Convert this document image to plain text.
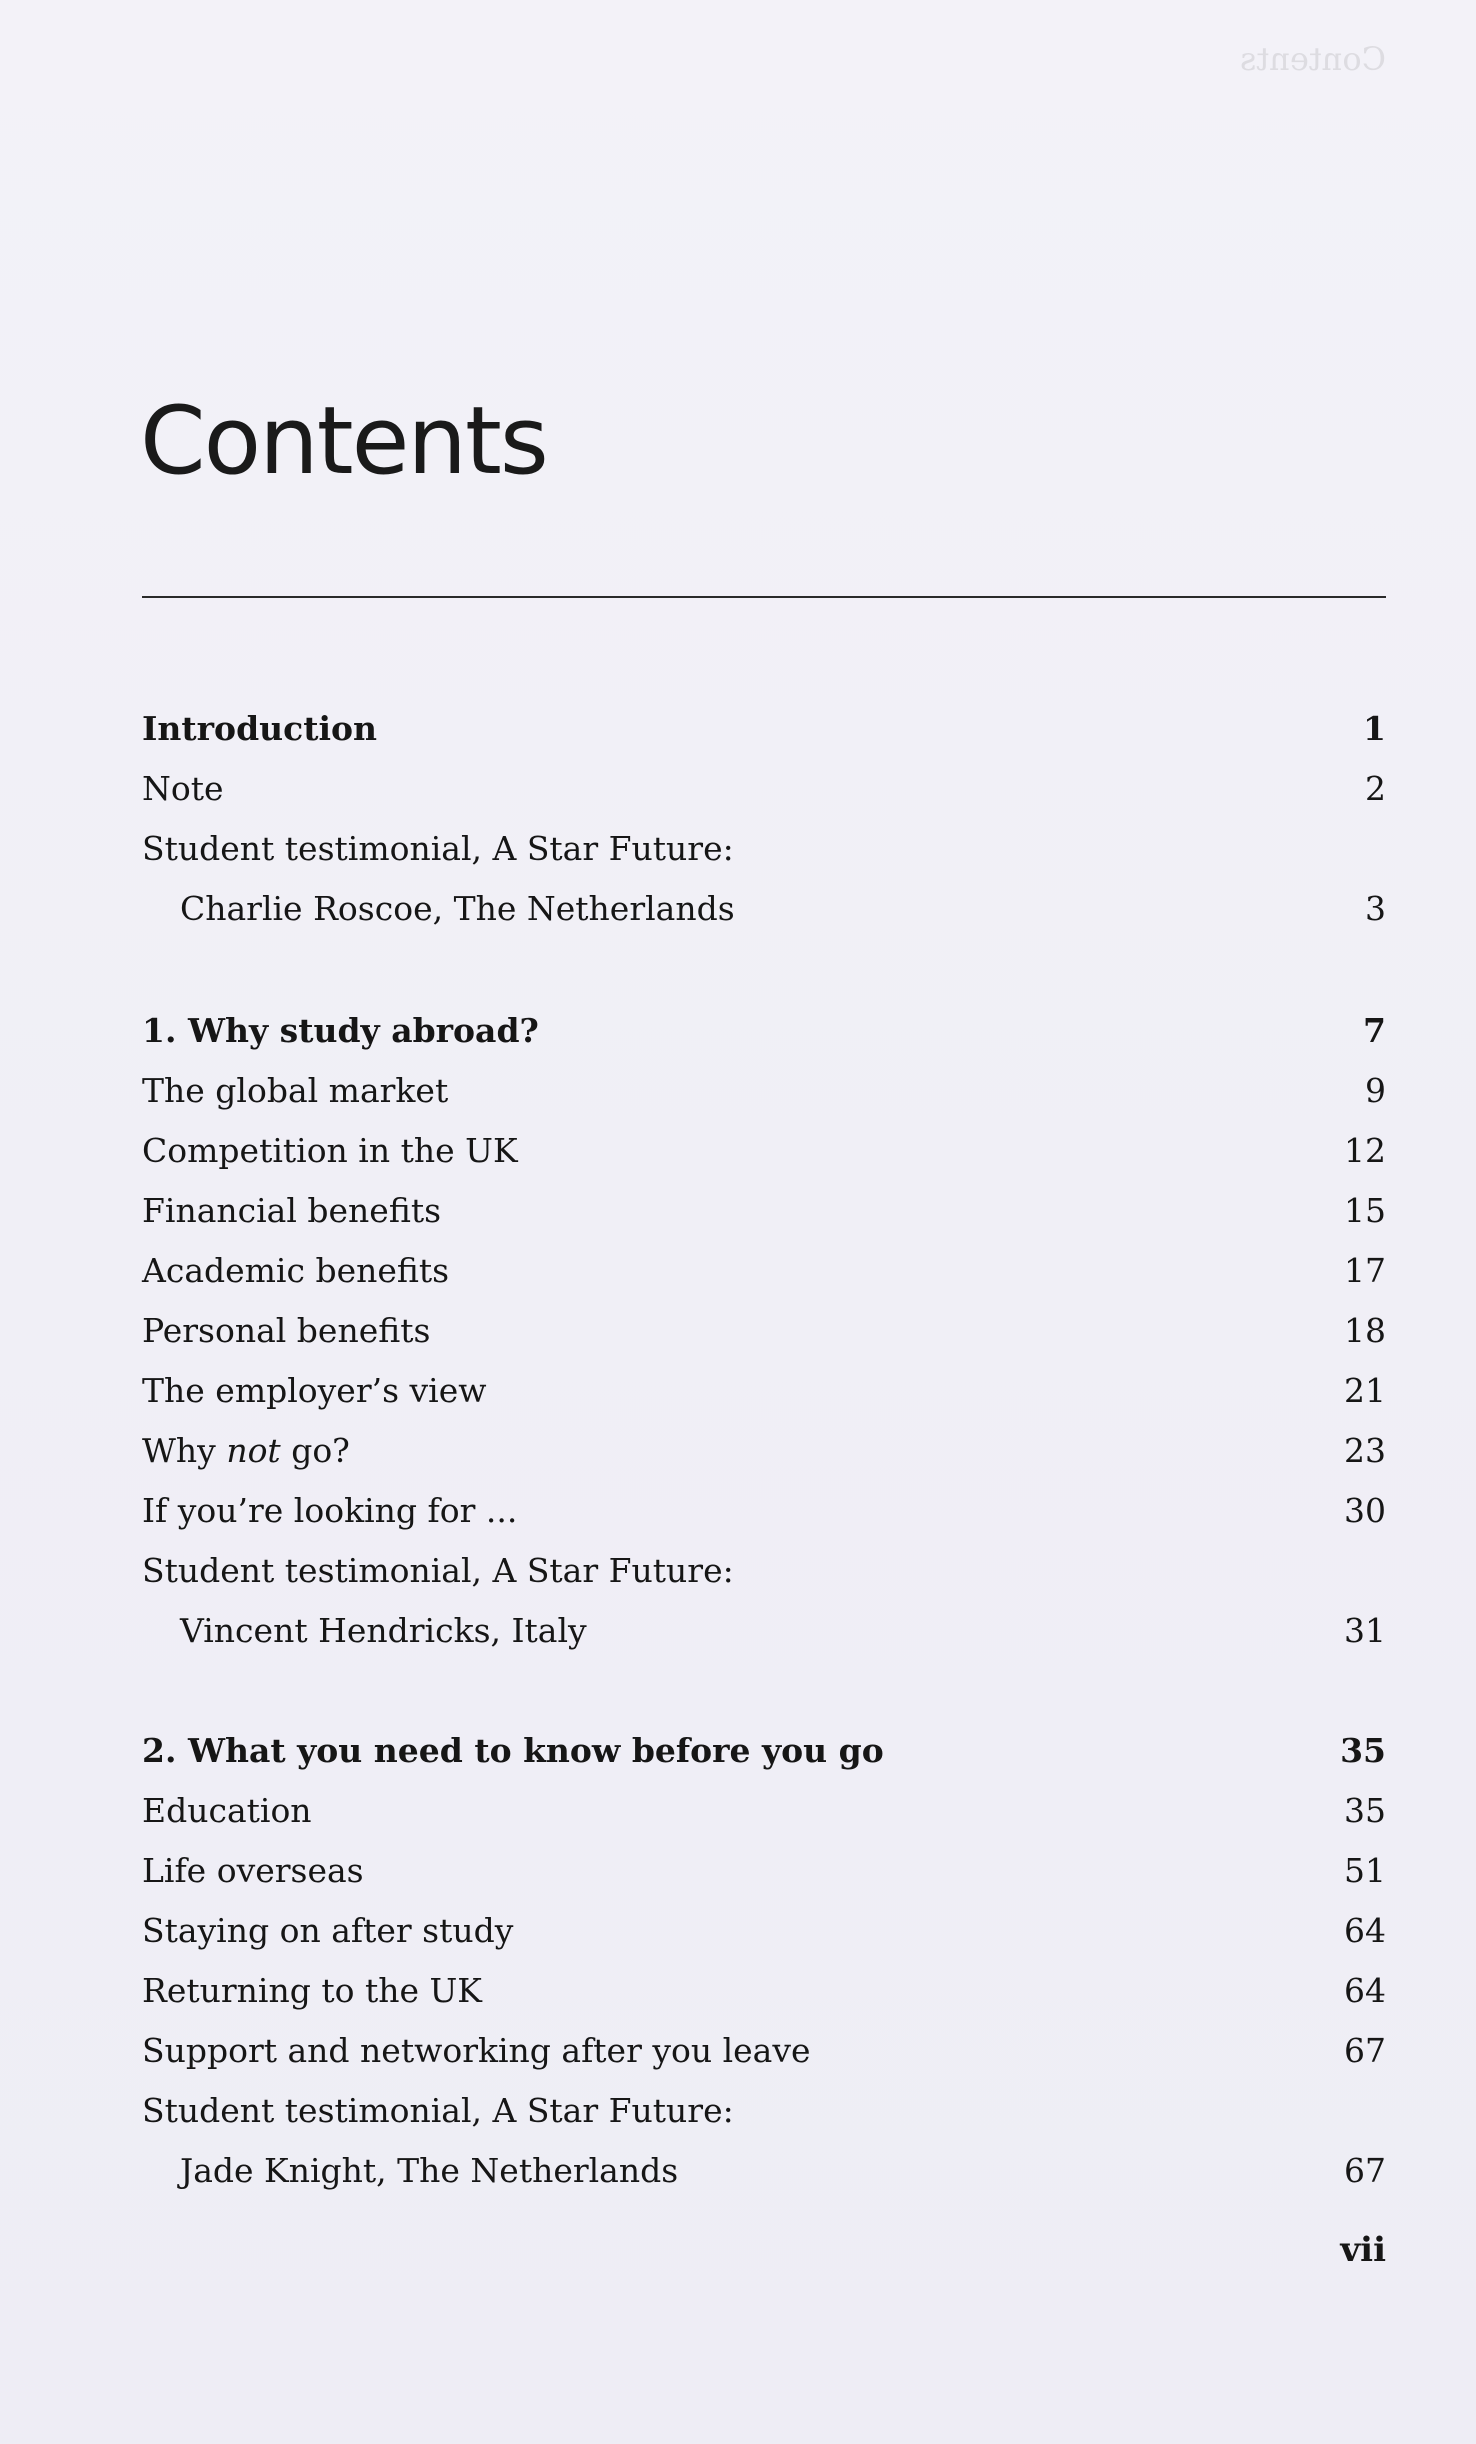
Contents
Contents
Introduction	1
Note	2
Student testimonial, A Star Future:
Charlie Roscoe, The Netherlands	3
1. Why study abroad?	7
The global market	9
Competition in the UK	12
Financial benefits	15
Academic benefits	17
Personal benefits	18
The employer’s view	21
Why not go?	23
If you’re looking for ...	30
Student testimonial, A Star Future:
Vincent Hendricks, Italy	31
2. What you need to know before you go	35
Education	35
Life overseas	51
Staying on after study	64
Returning to the UK	64
Support and networking after you leave	67
Student testimonial, A Star Future:
Jade Knight, The Netherlands	67
vii
